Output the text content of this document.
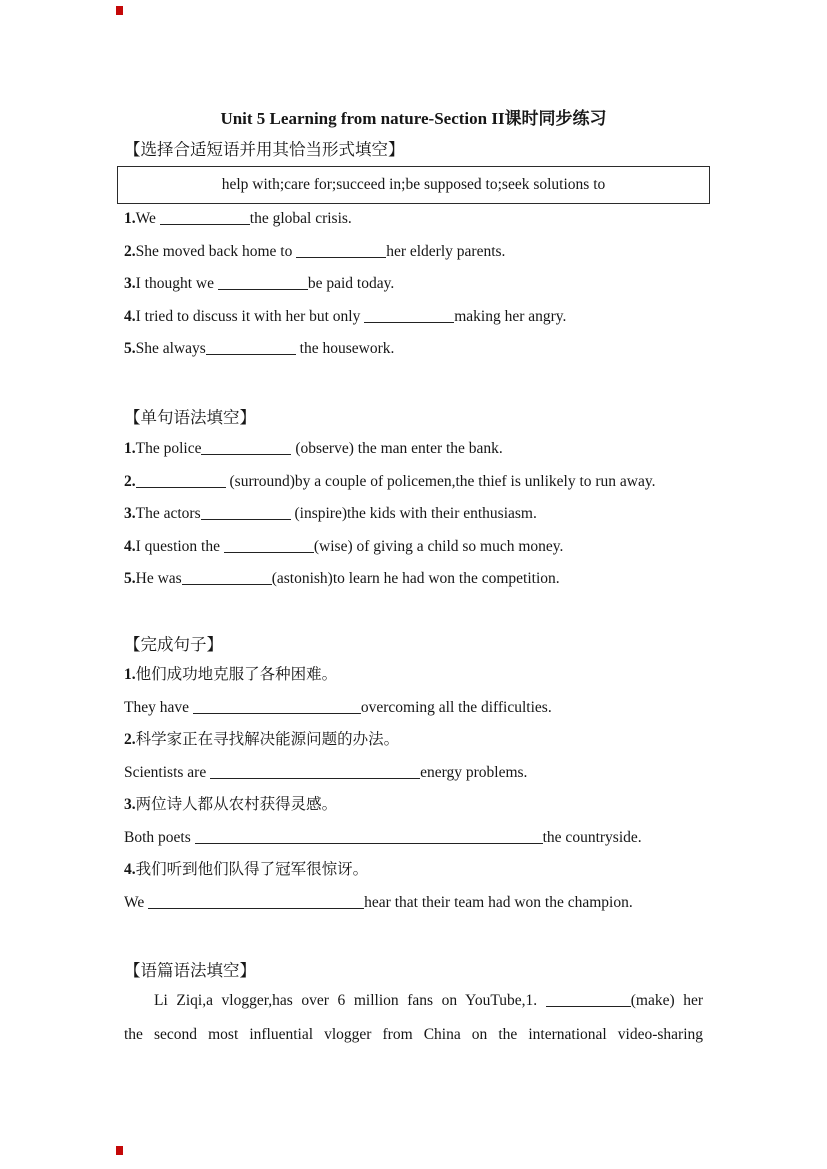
Unit 5 Learning from nature-Section II课时同步练习
【选择合适短语并用其恰当形式填空】
help with;care for;succeed in;be supposed to;seek solutions to
1.We	the global crisis.
2.She moved back home to	her elderly parents.
3.I thought we	be paid today.
4.I tried to discuss it with her but only	making her angry.
5.She always	the housework.
【单句语法填空】
1.The police	(observe) the man enter the bank.
2.	(surround)by a couple of policemen,the thief is unlikely to run away.
3.The actors	(inspire)the kids with their enthusiasm.
4.I question the	(wise) of giving a child so much money.
5.He was	(astonish)to learn he had won the competition.
【完成句子】
1.他们成功地克服了各种困难。
They have	overcoming all the difficulties.
2.科学家正在寻找解决能源问题的办法。
Scientists are	energy problems.
3.两位诗人都从农村获得灵感。
Both poets	the countryside.
4.我们听到他们队得了冠军很惊讶。
We	hear that their team had won the champion.
【语篇语法填空】
Li Ziqi,a vlogger,has over 6 million fans on YouTube,1.	(make) her
the second most influential vlogger from China on the international video-sharing
